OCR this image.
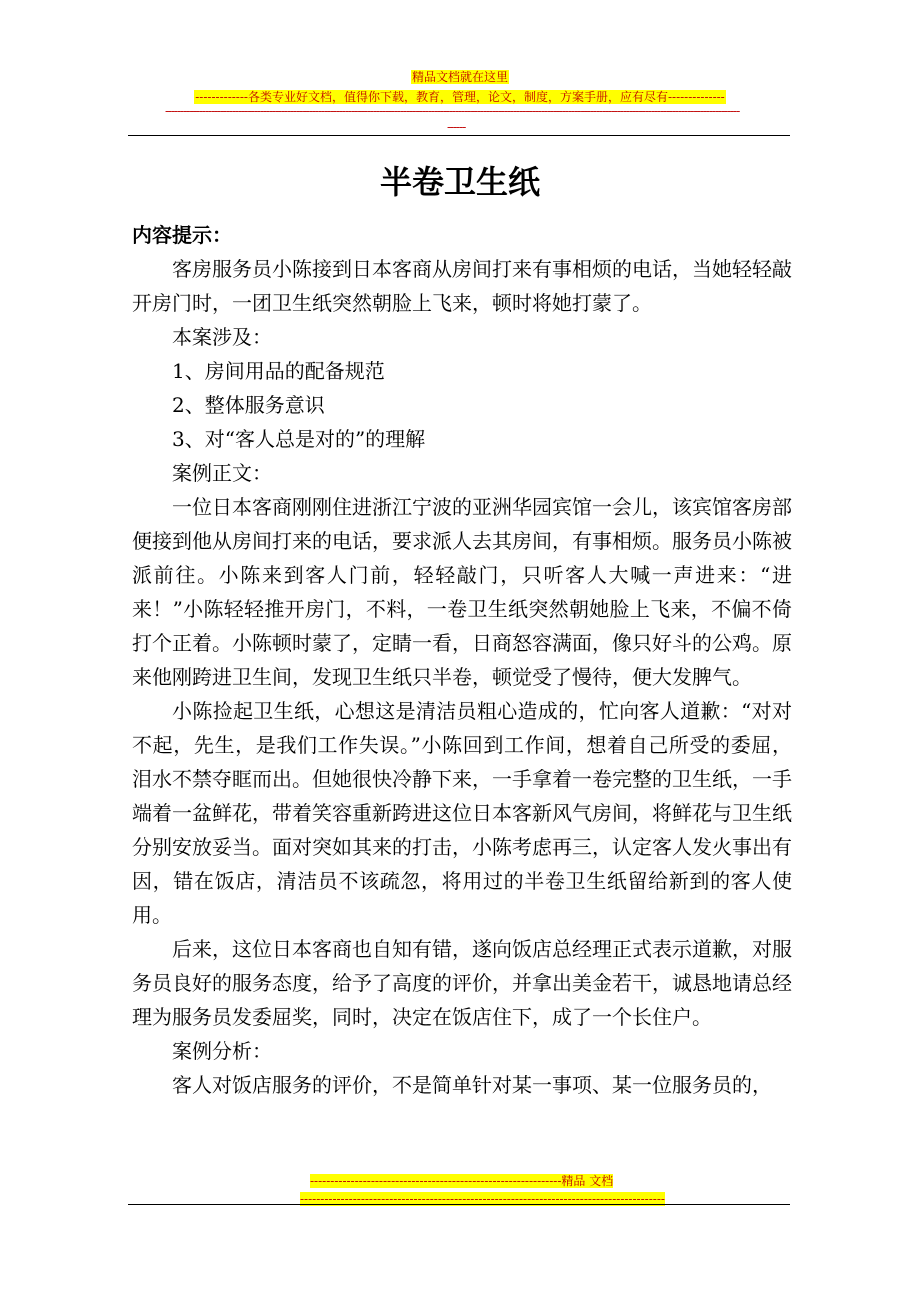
精品文档就在这里
-------------各类专业好文档，值得你下载，教育，管理，论文，制度，方案手册，应有尽有--------------
--------------------------------------------------------------------------------------------------------------------------------------------------------------------------------------------
------
半卷卫生纸

内容提示：

客房服务员小陈接到日本客商从房间打来有事相烦的电话，当她轻轻敲开房门时，一团卫生纸突然朝脸上飞来，顿时将她打蒙了。

本案涉及：

1、房间用品的配备规范

2、整体服务意识

3、对“客人总是对的”的理解

案例正文：

一位日本客商刚刚住进浙江宁波的亚洲华园宾馆一会儿，该宾馆客房部便接到他从房间打来的电话，要求派人去其房间，有事相烦。服务员小陈被派前往。小陈来到客人门前，轻轻敲门，只听客人大喊一声进来：“进来！”小陈轻轻推开房门，不料，一卷卫生纸突然朝她脸上飞来，不偏不倚打个正着。小陈顿时蒙了，定睛一看，日商怒容满面，像只好斗的公鸡。原来他刚跨进卫生间，发现卫生纸只半卷，顿觉受了慢待，便大发脾气。

小陈捡起卫生纸，心想这是清洁员粗心造成的，忙向客人道歉：“对对不起，先生，是我们工作失误。”小陈回到工作间，想着自己所受的委屈，泪水不禁夺眶而出。但她很快冷静下来，一手拿着一卷完整的卫生纸，一手端着一盆鲜花，带着笑容重新跨进这位日本客新风气房间，将鲜花与卫生纸分别安放妥当。面对突如其来的打击，小陈考虑再三，认定客人发火事出有因，错在饭店，清洁员不该疏忽，将用过的半卷卫生纸留给新到的客人使用。

后来，这位日本客商也自知有错，遂向饭店总经理正式表示道歉，对服务员良好的服务态度，给予了高度的评价，并拿出美金若干，诚恳地请总经理为服务员发委屈奖，同时，决定在饭店住下，成了一个长住户。

案例分析：

客人对饭店服务的评价，不是简单针对某一事项、某一位服务员的，

--------------------------------------------------------------精品 文档
------------------------------------------------------------------------------------------
